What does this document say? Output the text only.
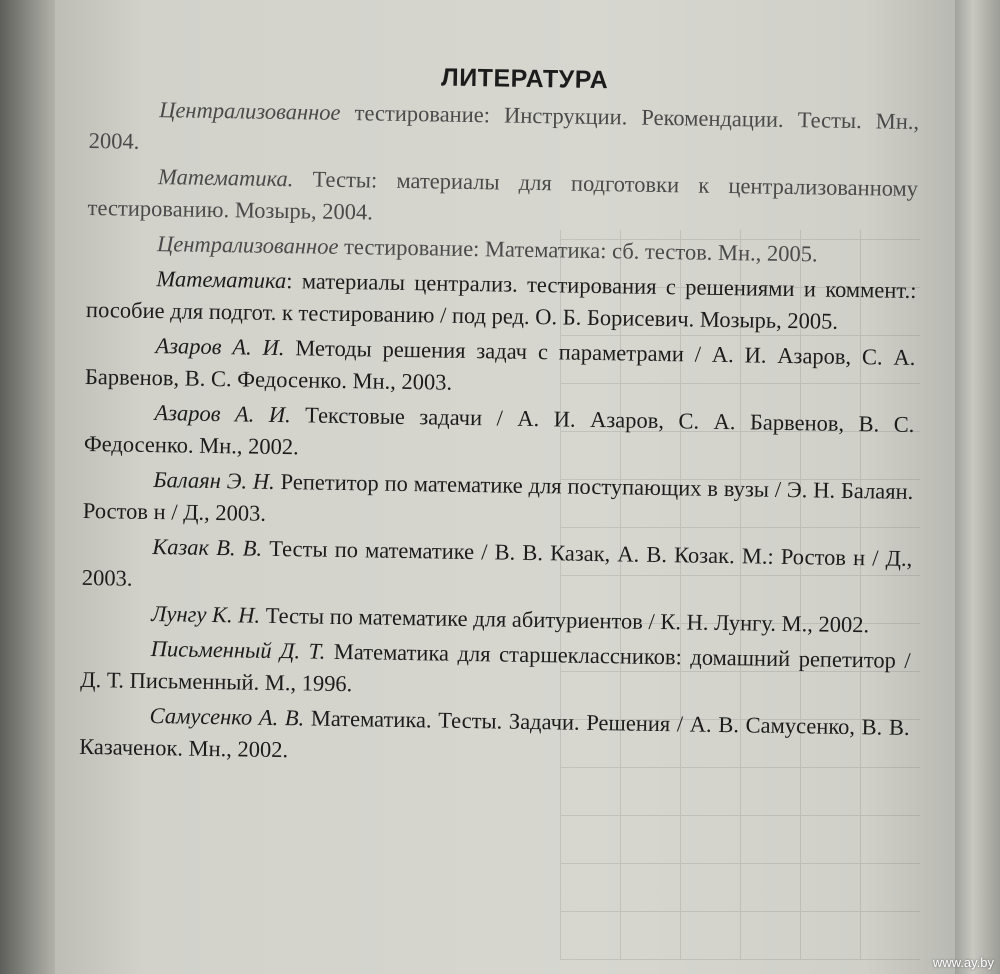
ЛИТЕРАТУРА

Централизованное тестирование: Инструкции. Рекомендации. Тесты. Мн., 2004.

Математика. Тесты: материалы для подготовки к централизованному тестированию. Мозырь, 2004.

Централизованное тестирование: Математика: сб. тестов. Мн., 2005.

Математика: материалы централиз. тестирования с решениями и коммент.: пособие для подгот. к тестированию / под ред. О. Б. Борисевич. Мозырь, 2005.

Азаров А. И. Методы решения задач с параметрами / А. И. Азаров, С. А. Барвенов, В. С. Федосенко. Мн., 2003.

Азаров А. И. Текстовые задачи / А. И. Азаров, С. А. Барвенов, В. С. Федосенко. Мн., 2002.

Балаян Э. Н. Репетитор по математике для поступающих в вузы / Э. Н. Балаян. Ростов н / Д., 2003.

Казак В. В. Тесты по математике / В. В. Казак, А. В. Козак. М.: Ростов н / Д., 2003.

Лунгу К. Н. Тесты по математике для абитуриентов / К. Н. Лунгу. М., 2002.

Письменный Д. Т. Математика для старшеклассников: домашний репетитор / Д. Т. Письменный. М., 1996.

Самусенко А. В. Математика. Тесты. Задачи. Решения / А. В. Самусенко, В. В. Казаченок. Мн., 2002.

www.ay.by
